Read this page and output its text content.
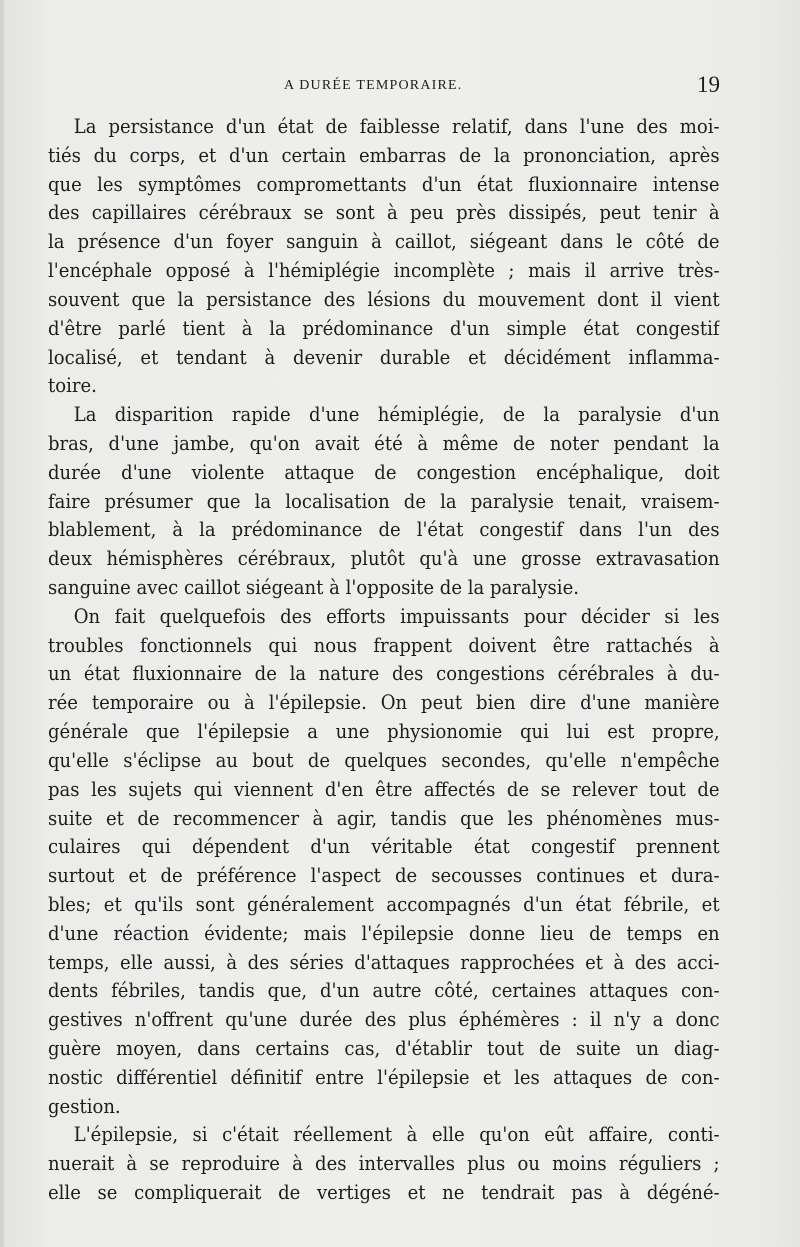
A DURÉE TEMPORAIRE.	19
La persistance d'un état de faiblesse relatif, dans l'une des moi-
tiés du corps, et d'un certain embarras de la prononciation, après
que les symptômes compromettants d'un état fluxionnaire intense
des capillaires cérébraux se sont à peu près dissipés, peut tenir à
la présence d'un foyer sanguin à caillot, siégeant dans le côté de
l'encéphale opposé à l'hémiplégie incomplète ; mais il arrive très-
souvent que la persistance des lésions du mouvement dont il vient
d'être parlé tient à la prédominance d'un simple état congestif
localisé, et tendant à devenir durable et décidément inflamma-
toire.
La disparition rapide d'une hémiplégie, de la paralysie d'un
bras, d'une jambe, qu'on avait été à même de noter pendant la
durée d'une violente attaque de congestion encéphalique, doit
faire présumer que la localisation de la paralysie tenait, vraisem-
blablement, à la prédominance de l'état congestif dans l'un des
deux hémisphères cérébraux, plutôt qu'à une grosse extravasation
sanguine avec caillot siégeant à l'opposite de la paralysie.
On fait quelquefois des efforts impuissants pour décider si les
troubles fonctionnels qui nous frappent doivent être rattachés à
un état fluxionnaire de la nature des congestions cérébrales à du-
rée temporaire ou à l'épilepsie. On peut bien dire d'une manière
générale que l'épilepsie a une physionomie qui lui est propre,
qu'elle s'éclipse au bout de quelques secondes, qu'elle n'empêche
pas les sujets qui viennent d'en être affectés de se relever tout de
suite et de recommencer à agir, tandis que les phénomènes mus-
culaires qui dépendent d'un véritable état congestif prennent
surtout et de préférence l'aspect de secousses continues et dura-
bles; et qu'ils sont généralement accompagnés d'un état fébrile, et
d'une réaction évidente; mais l'épilepsie donne lieu de temps en
temps, elle aussi, à des séries d'attaques rapprochées et à des acci-
dents fébriles, tandis que, d'un autre côté, certaines attaques con-
gestives n'offrent qu'une durée des plus éphémères : il n'y a donc
guère moyen, dans certains cas, d'établir tout de suite un diag-
nostic différentiel définitif entre l'épilepsie et les attaques de con-
gestion.
L'épilepsie, si c'était réellement à elle qu'on eût affaire, conti-
nuerait à se reproduire à des intervalles plus ou moins réguliers ;
elle se compliquerait de vertiges et ne tendrait pas à dégéné-
